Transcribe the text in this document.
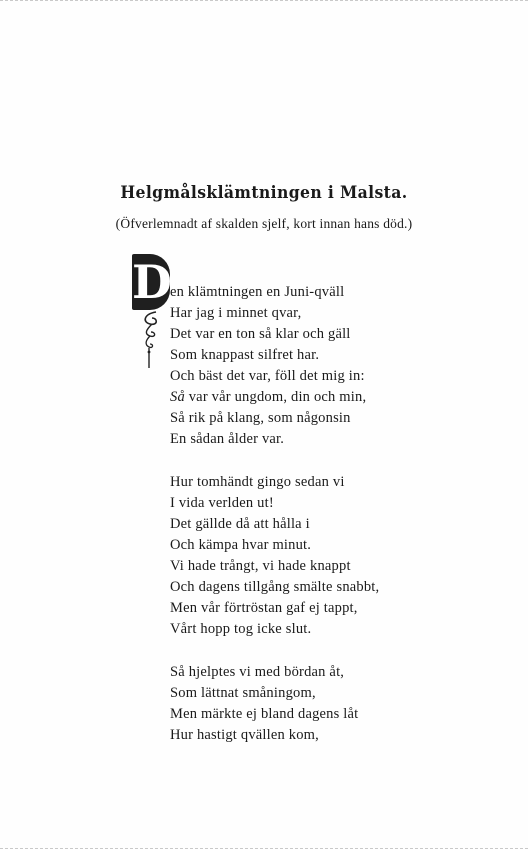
Helgmålsklämtningen i Malsta.

(Öfverlemnadt af skalden sjelf, kort innan hans död.)

D
en klämtningen en Juni-qväll
Har jag i minnet qvar,
Det var en ton så klar och gäll
Som knappast silfret har.
Och bäst det var, föll det mig in:
Så var vår ungdom, din och min,
Så rik på klang, som någonsin
En sådan ålder var.
Hur tomhändt gingo sedan vi
I vida verlden ut!
Det gällde då att hålla i
Och kämpa hvar minut.
Vi hade trångt, vi hade knappt
Och dagens tillgång smälte snabbt,
Men vår förtröstan gaf ej tappt,
Vårt hopp tog icke slut.
Så hjelptes vi med bördan åt,
Som lättnat småningom,
Men märkte ej bland dagens låt
Hur hastigt qvällen kom,
